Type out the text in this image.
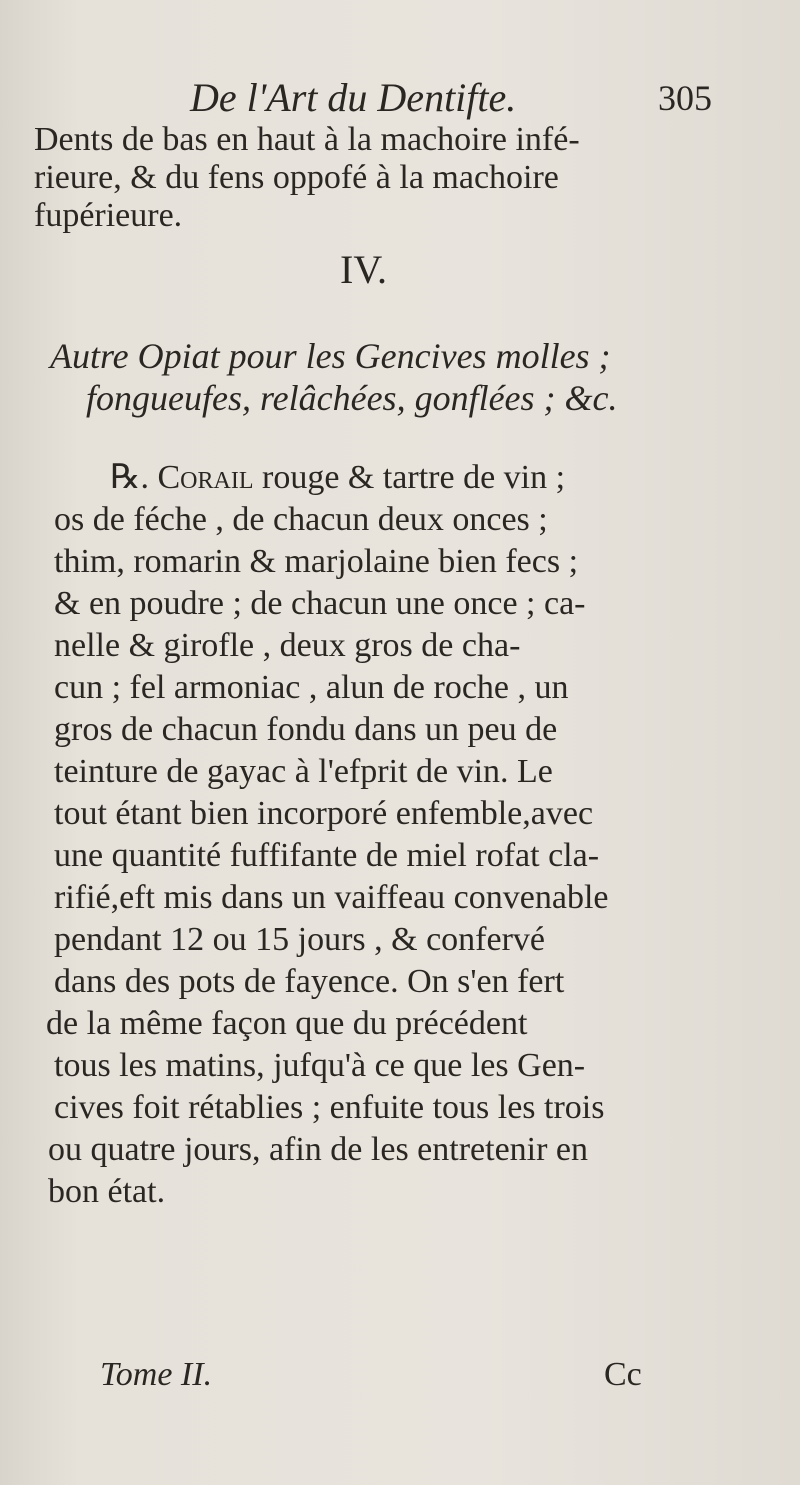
De l'Art du Dentifte.	305
Dents de bas en haut à la machoire infé-
rieure, & du fens oppofé à la machoire
fupérieure.
IV.
Autre Opiat pour les Gencives molles ;
fongueufes, relâchées, gonflées ; &c.
℞. Corail rouge & tartre de vin ;
os de féche , de chacun deux onces ;
thim, romarin & marjolaine bien fecs ;
& en poudre ; de chacun une once ; ca-
nelle & girofle , deux gros de cha-
cun ; fel armoniac , alun de roche , un
gros de chacun fondu dans un peu de
teinture de gayac à l'efprit de vin. Le
tout étant bien incorporé enfemble,avec
une quantité fuffifante de miel rofat cla-
rifié,eft mis dans un vaiffeau convenable
pendant 12 ou 15 jours , & confervé
dans des pots de fayence. On s'en fert
de la même façon que du précédent
tous les matins, jufqu'à ce que les Gen-
cives foit rétablies ; enfuite tous les trois
ou quatre jours, afin de les entretenir en
bon état.
Tome II.	Cc
